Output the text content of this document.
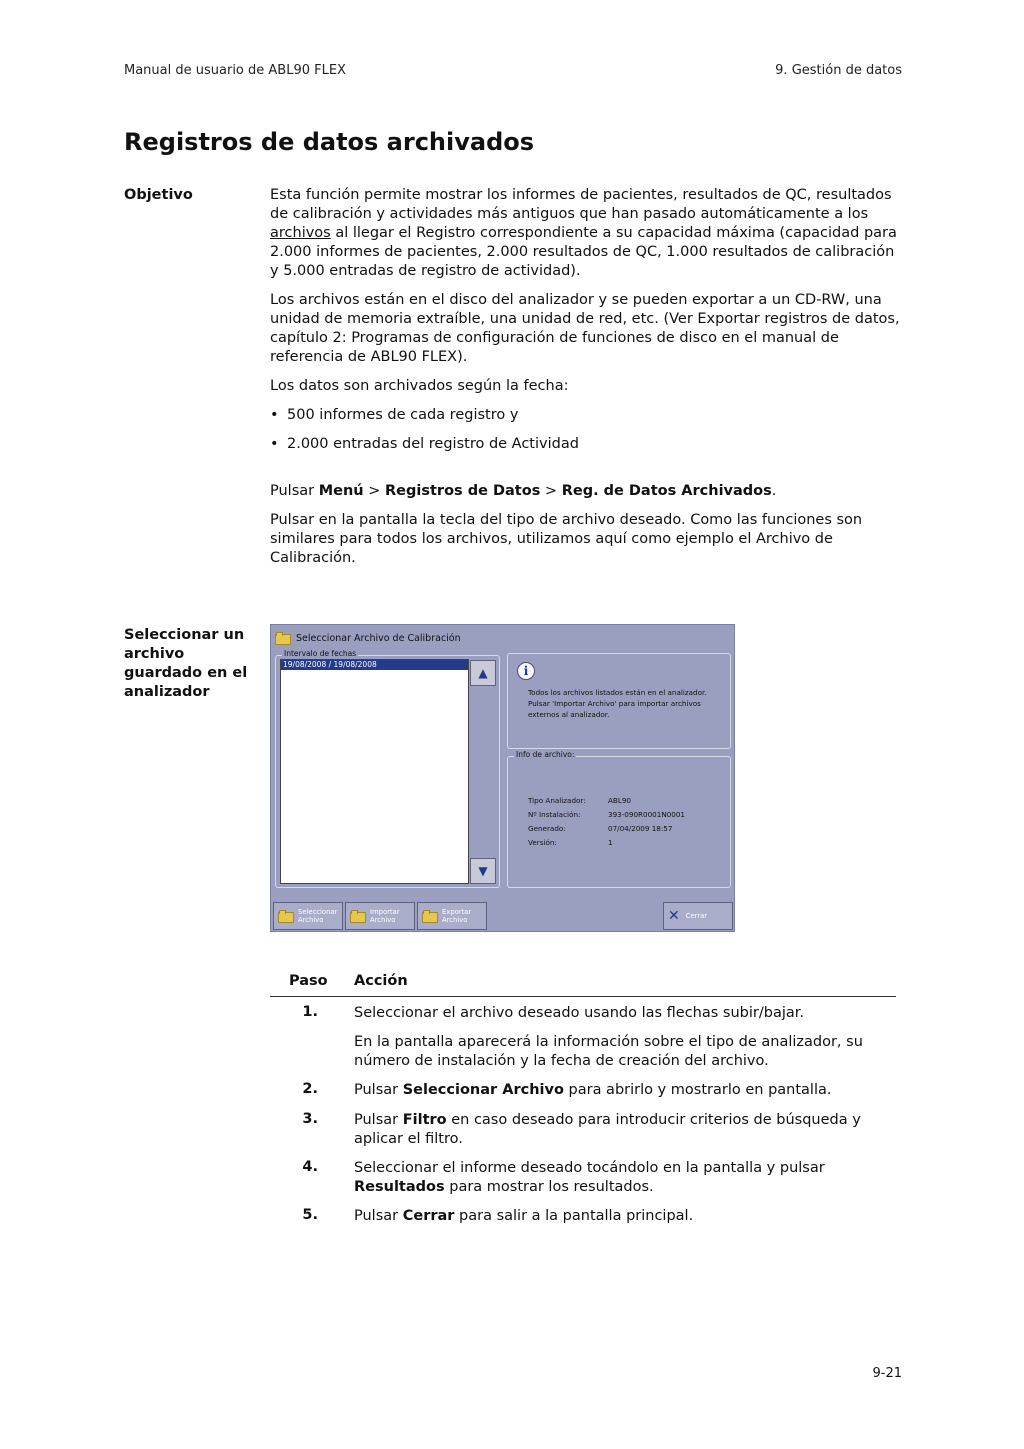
Manual de usuario de ABL90 FLEX	9. Gestión de datos
Registros de datos archivados
Objetivo	Esta función permite mostrar los informes de pacientes, resultados de QC, resultados de calibración y actividades más antiguos que han pasado automáticamente a los archivos al llegar el Registro correspondiente a su capacidad máxima (capacidad para 2.000 informes de pacientes, 2.000 resultados de QC, 1.000 resultados de calibración y 5.000 entradas de registro de actividad).

Los archivos están en el disco del analizador y se pueden exportar a un CD-RW, una unidad de memoria extraíble, una unidad de red, etc. (Ver Exportar registros de datos, capítulo 2: Programas de configuración de funciones de disco en el manual de referencia de ABL90 FLEX).

Los datos son archivados según la fecha:

• 500 informes de cada registro y
• 2.000 entradas del registro de Actividad

Pulsar Menú > Registros de Datos > Reg. de Datos Archivados.

Pulsar en la pantalla la tecla del tipo de archivo deseado. Como las funciones son similares para todos los archivos, utilizamos aquí como ejemplo el Archivo de Calibración.

Seleccionar un archivo guardado en el analizador
Seleccionar Archivo de Calibración
Intervalo de fechas
19/08/2008 / 19/08/2008
▲
▼
i
Todos los archivos listados están en el analizador. Pulsar 'Importar Archivo' para importar archivos externos al analizador.
Info de archivo:
Tipo Analizador:	ABL90
Nº Instalación:	393-090R0001N0001
Generado:	07/04/2009 18:57
Versión:	1
Seleccionar Archivo
Importar Archivo
Exportar Archivo	✕ Cerrar
Paso Acción
1. Seleccionar el archivo deseado usando las flechas subir/bajar.
En la pantalla aparecerá la información sobre el tipo de analizador, su número de instalación y la fecha de creación del archivo.
2. Pulsar Seleccionar Archivo para abrirlo y mostrarlo en pantalla.
3. Pulsar Filtro en caso deseado para introducir criterios de búsqueda y aplicar el filtro.
4. Seleccionar el informe deseado tocándolo en la pantalla y pulsar Resultados para mostrar los resultados.
5. Pulsar Cerrar para salir a la pantalla principal.
9-21
